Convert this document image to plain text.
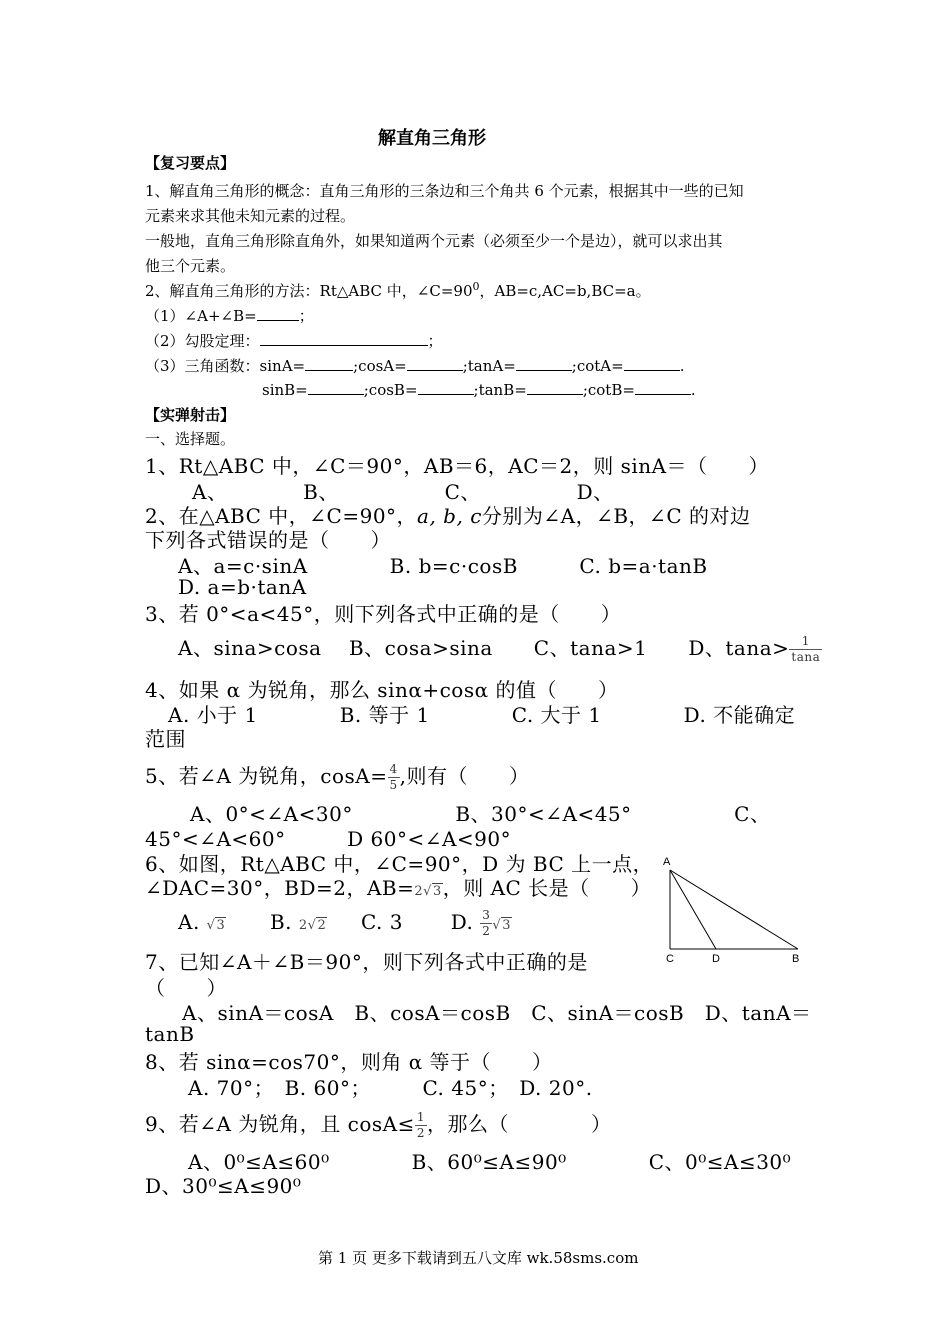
解直角三角形
【复习要点】
1、解直角三角形的概念：直角三角形的三条边和三个角共 6 个元素，根据其中一些的已知
元素来求其他未知元素的过程。
一般地，直角三角形除直角外，如果知道两个元素（必须至少一个是边），就可以求出其
他三个元素。
2、解直角三角形的方法：Rt△ABC 中，$\angle C=90^0$，AB=c,AC=b,BC=a。
（1）∠A+∠B=	；
（2）勾股定理：	；
（3）三角函数：sinA=	;cosA=	;tanA=	;cotA=	.
sinB=	;cosB=	;tanB=	;cotB=	.
【实弹射击】
一、选择题。
1、Rt△ABC 中，∠C＝90°，AB＝6，AC＝2，则 sinA＝（　　）
A、	B、	C、	D、
2、在△ABC 中，∠C=90°，a, b, c分别为∠A，∠B，∠C 的对边
下列各式错误的是（　　）
A、a=c·sinA　　　　B. b=c·cosB　　　C. b=a·tanB
D. a=b·tanA
3、若 0°<a<45°，则下列各式中正确的是（　　）
A、sina>cosa　 B、cosa>sina　　C、tana>1　　D、$\tan a> \frac{1}{\tan a}$
4、如果 α 为锐角，那么 sinα+cosα 的值（　　）
A. 小于 1　　　　B. 等于 1　　　　C. 大于 1　　　　D. 不能确定
范围
5、若∠A 为锐角，$\cos A= \frac{4}{5}$ ,则有（　　）
A、0°<∠A<30°　　　　　B、30°<∠A<45°　　　　　C、
45°<∠A<60°　　　D 60°<∠A<90°
6、如图，Rt△ABC 中，∠C=90°，D 为 BC 上一点，
∠DAC=30°，BD=2，AB=2√3，则 AC 长是（　　）
A. √3 B. 2√2 C. 3 D. $\frac{3}{2} √3$
A
C	D	B
7、已知∠A＋∠B＝90°，则下列各式中正确的是
（　　）
A、sinA＝cosA　B、cosA＝cosB　C、sinA＝cosB　D、tanA＝
tanB
8、若 sinα=cos70°，则角 α 等于（　　）
A. 70°；　B. 60°；　　　C. 45°；　D. 20°.
9、若∠A 为锐角，且 $\cos A\le \frac{1}{2}$ ，那么（　　　　）
A、0⁰≤A≤60⁰　　　　B、60⁰≤A≤90⁰　　　　C、0⁰≤A≤30⁰
D、30⁰≤A≤90⁰
第 1 页 更多下载请到五八文库 wk.58sms.com
